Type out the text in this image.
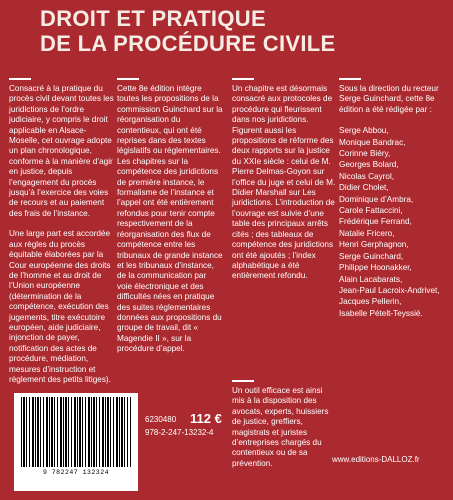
DROIT ET PRATIQUE
DE LA PROCÉDURE CIVILE

Consacré à la pratique du procès civil devant toutes les juridictions de l’ordre judiciaire, y compris le droit applicable en Alsace-Moselle, cet ouvrage adopte un plan chronologique, conforme à la manière d’agir en justice, depuis l’engagement du procès jusqu’à l’exercice des voies de recours et au paiement des frais de l’instance.

Une large part est accordée aux règles du procès équitable élaborées par la Cour européenne des droits de l’homme et au droit de l’Union européenne (détermination de la compétence, exécution des jugements, titre exécutoire européen, aide judiciaire, injonction de payer, notification des actes de procédure, médiation, mesures d’instruction et règlement des petits litiges).

Cette 8e édition intègre toutes les propositions de la commission Guinchard sur la réorganisation du contentieux, qui ont été reprises dans des textes législatifs ou réglementaires. Les chapitres sur la compétence des juridictions de première instance, le formalisme de l’instance et l’appel ont été entièrement refondus pour tenir compte respectivement de la réorganisation des flux de compétence entre les tribunaux de grande instance et les tribunaux d’instance, de la communication par voie électronique et des difficultés nées en pratique des suites réglementaires données aux propositions du groupe de travail, dit « Magendie II », sur la procédure d’appel.

Un chapitre est désormais consacré aux protocoles de procédure qui fleurissent dans nos juridictions. Figurent aussi les propositions de réforme des deux rapports sur la justice du XXIe siècle : celui de M. Pierre Delmas-Goyon sur l’office du juge et celui de M. Didier Marshall sur Les juridictions. L’introduction de l’ouvrage est suivie d’une table des principaux arrêts cités ; des tableaux de compétence des juridictions ont été ajoutés ; l’index alphabétique a été entièrement refondu.

Un outil efficace est ainsi mis à la disposition des avocats, experts, huissiers de justice, greffiers, magistrats et juristes d’entreprises chargés du contentieux ou de sa prévention.

Sous la direction du recteur Serge Guinchard, cette 8e édition a été rédigée par :

Serge Abbou,
Monique Bandrac,
Corinne Biéry,
Georges Bolard,
Nicolas Cayrol,
Didier Cholet,
Dominique d’Ambra,
Carole Fattaccini,
Frédérique Ferrand,
Natalie Fricero,
Henri Gerphagnon,
Serge Guinchard,
Philippe Hoonakker,
Alain Lacabarats,
Jean-Paul Lacroix-Andrivet,
Jacques Pellerin,
Isabelle Pételt-Teyssié.
9 782247 132324
6230480 112 €
978-2-247-13232-4
www.editions-DALLOZ.fr
